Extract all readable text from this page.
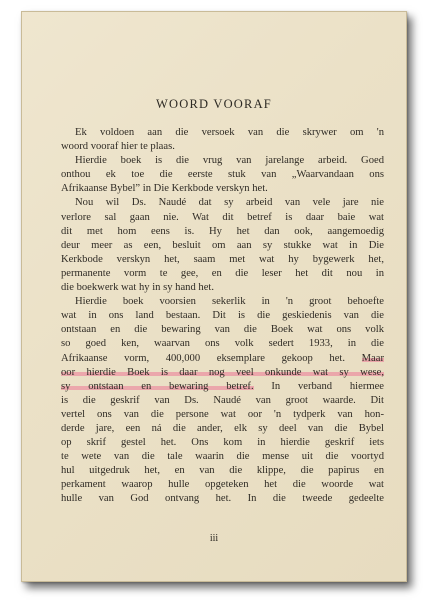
WOORD VOORAF
Ek voldoen aan die versoek van die skrywer om 'n
woord vooraf hier te plaas.
Hierdie boek is die vrug van jarelange arbeid. Goed
onthou ek toe die eerste stuk van „Waarvandaan ons
Afrikaanse Bybel” in Die Kerkbode verskyn het.
Nou wil Ds. Naudé dat sy arbeid van vele jare nie
verlore sal gaan nie. Wat dit betref is daar baie wat
dit met hom eens is. Hy het dan ook, aangemoedig
deur meer as een, besluit om aan sy stukke wat in Die
Kerkbode verskyn het, saam met wat hy bygewerk het,
permanente vorm te gee, en die leser het dit nou in
die boekwerk wat hy in sy hand het.
Hierdie boek voorsien sekerlik in 'n groot behoefte
wat in ons land bestaan. Dit is die geskiedenis van die
ontstaan en die bewaring van die Boek wat ons volk
so goed ken, waarvan ons volk sedert 1933, in die
Afrikaanse vorm, 400,000 eksemplare gekoop het. Maar
oor hierdie Boek is daar nog veel onkunde wat sy wese,
sy ontstaan en bewaring betref. In verband hiermee
is die geskrif van Ds. Naudé van groot waarde. Dit
vertel ons van die persone wat oor 'n tydperk van hon-
derde jare, een ná die ander, elk sy deel van die Bybel
op skrif gestel het. Ons kom in hierdie geskrif iets
te wete van die tale waarin die mense uit die voortyd
hul uitgedruk het, en van die klippe, die papirus en
perkament waarop hulle opgeteken het die woorde wat
hulle van God ontvang het. In die tweede gedeelte
iii
